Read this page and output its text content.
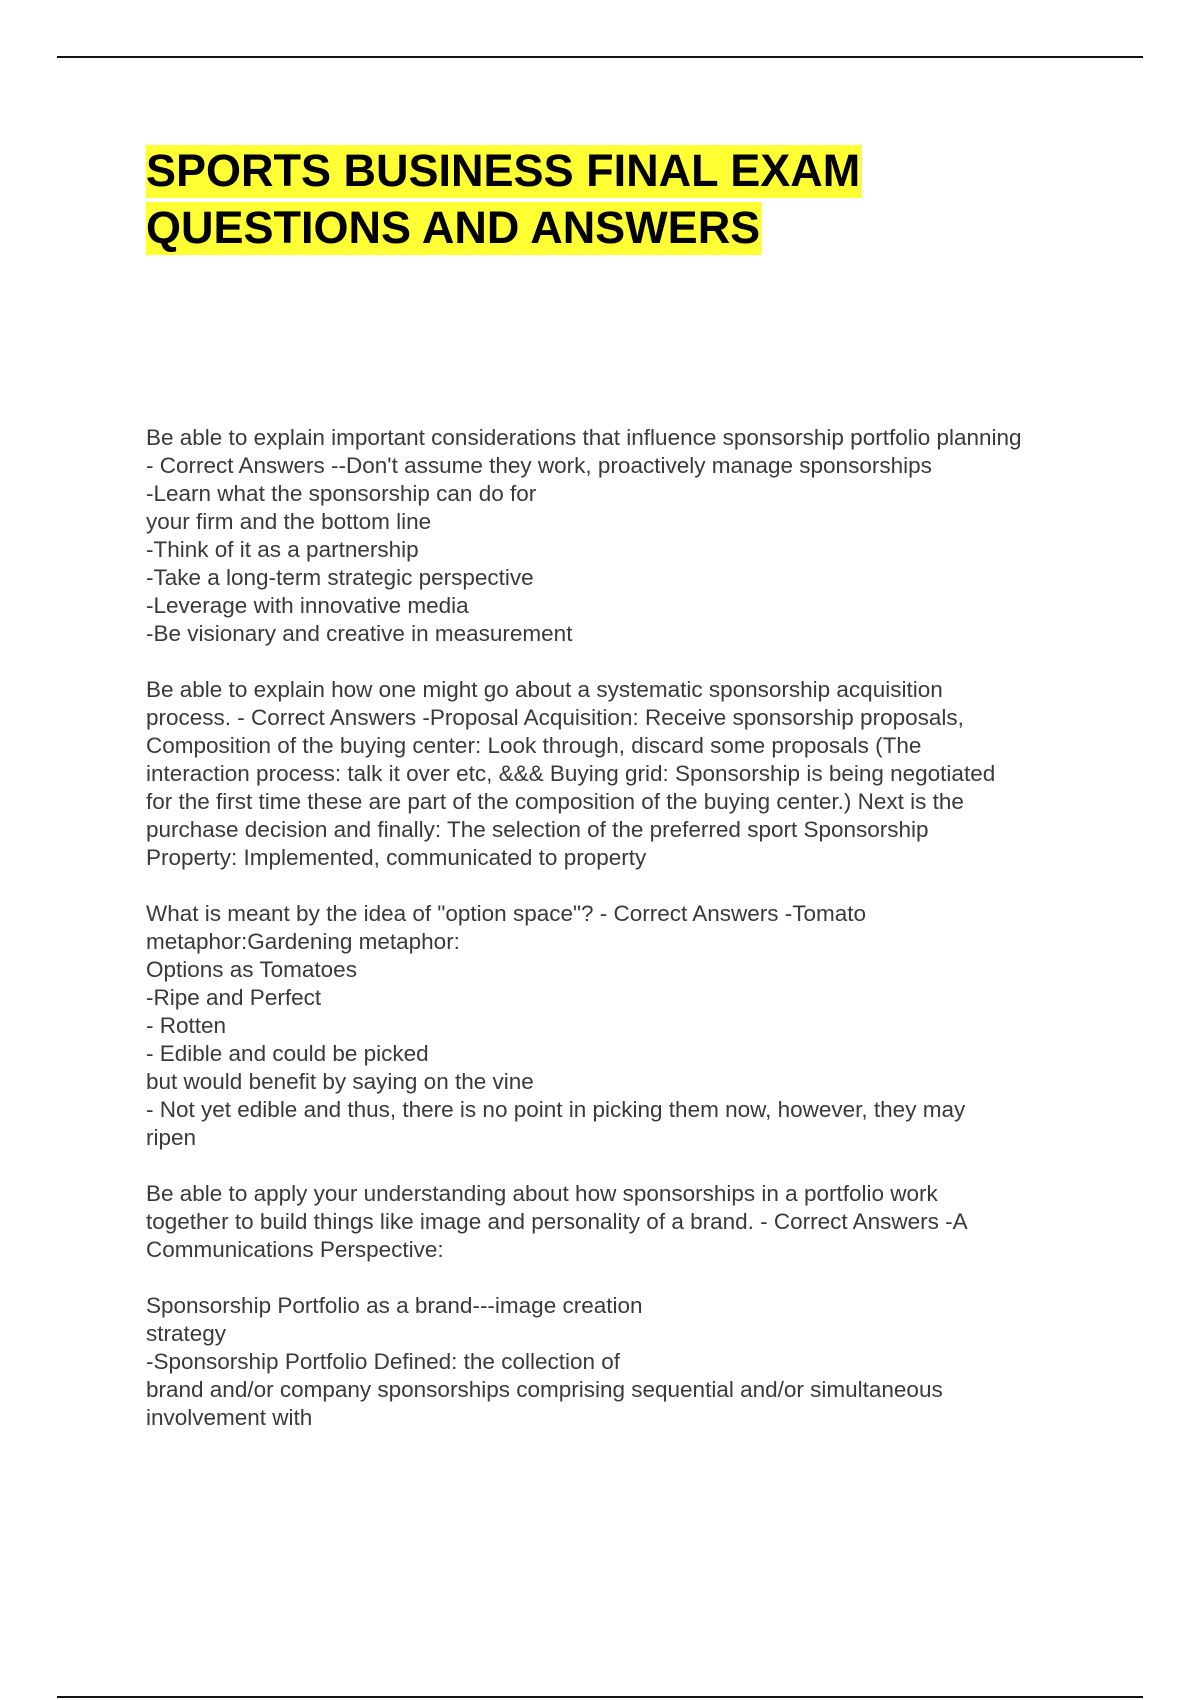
SPORTS BUSINESS FINAL EXAM
QUESTIONS AND ANSWERS
Be able to explain important considerations that influence sponsorship portfolio planning
- Correct Answers --Don't assume they work, proactively manage sponsorships
-Learn what the sponsorship can do for
your firm and the bottom line
-Think of it as a partnership
-Take a long-term strategic perspective
-Leverage with innovative media
-Be visionary and creative in measurement
Be able to explain how one might go about a systematic sponsorship acquisition
process. - Correct Answers -Proposal Acquisition: Receive sponsorship proposals,
Composition of the buying center: Look through, discard some proposals (The
interaction process: talk it over etc, &&& Buying grid: Sponsorship is being negotiated
for the first time these are part of the composition of the buying center.) Next is the
purchase decision and finally: The selection of the preferred sport Sponsorship
Property: Implemented, communicated to property
What is meant by the idea of "option space"? - Correct Answers -Tomato
metaphor:Gardening metaphor:
Options as Tomatoes
-Ripe and Perfect
- Rotten
- Edible and could be picked
but would benefit by saying on the vine
- Not yet edible and thus, there is no point in picking them now, however, they may
ripen
Be able to apply your understanding about how sponsorships in a portfolio work
together to build things like image and personality of a brand. - Correct Answers -A
Communications Perspective:
Sponsorship Portfolio as a brand---image creation
strategy
-Sponsorship Portfolio Defined: the collection of
brand and/or company sponsorships comprising sequential and/or simultaneous
involvement with
